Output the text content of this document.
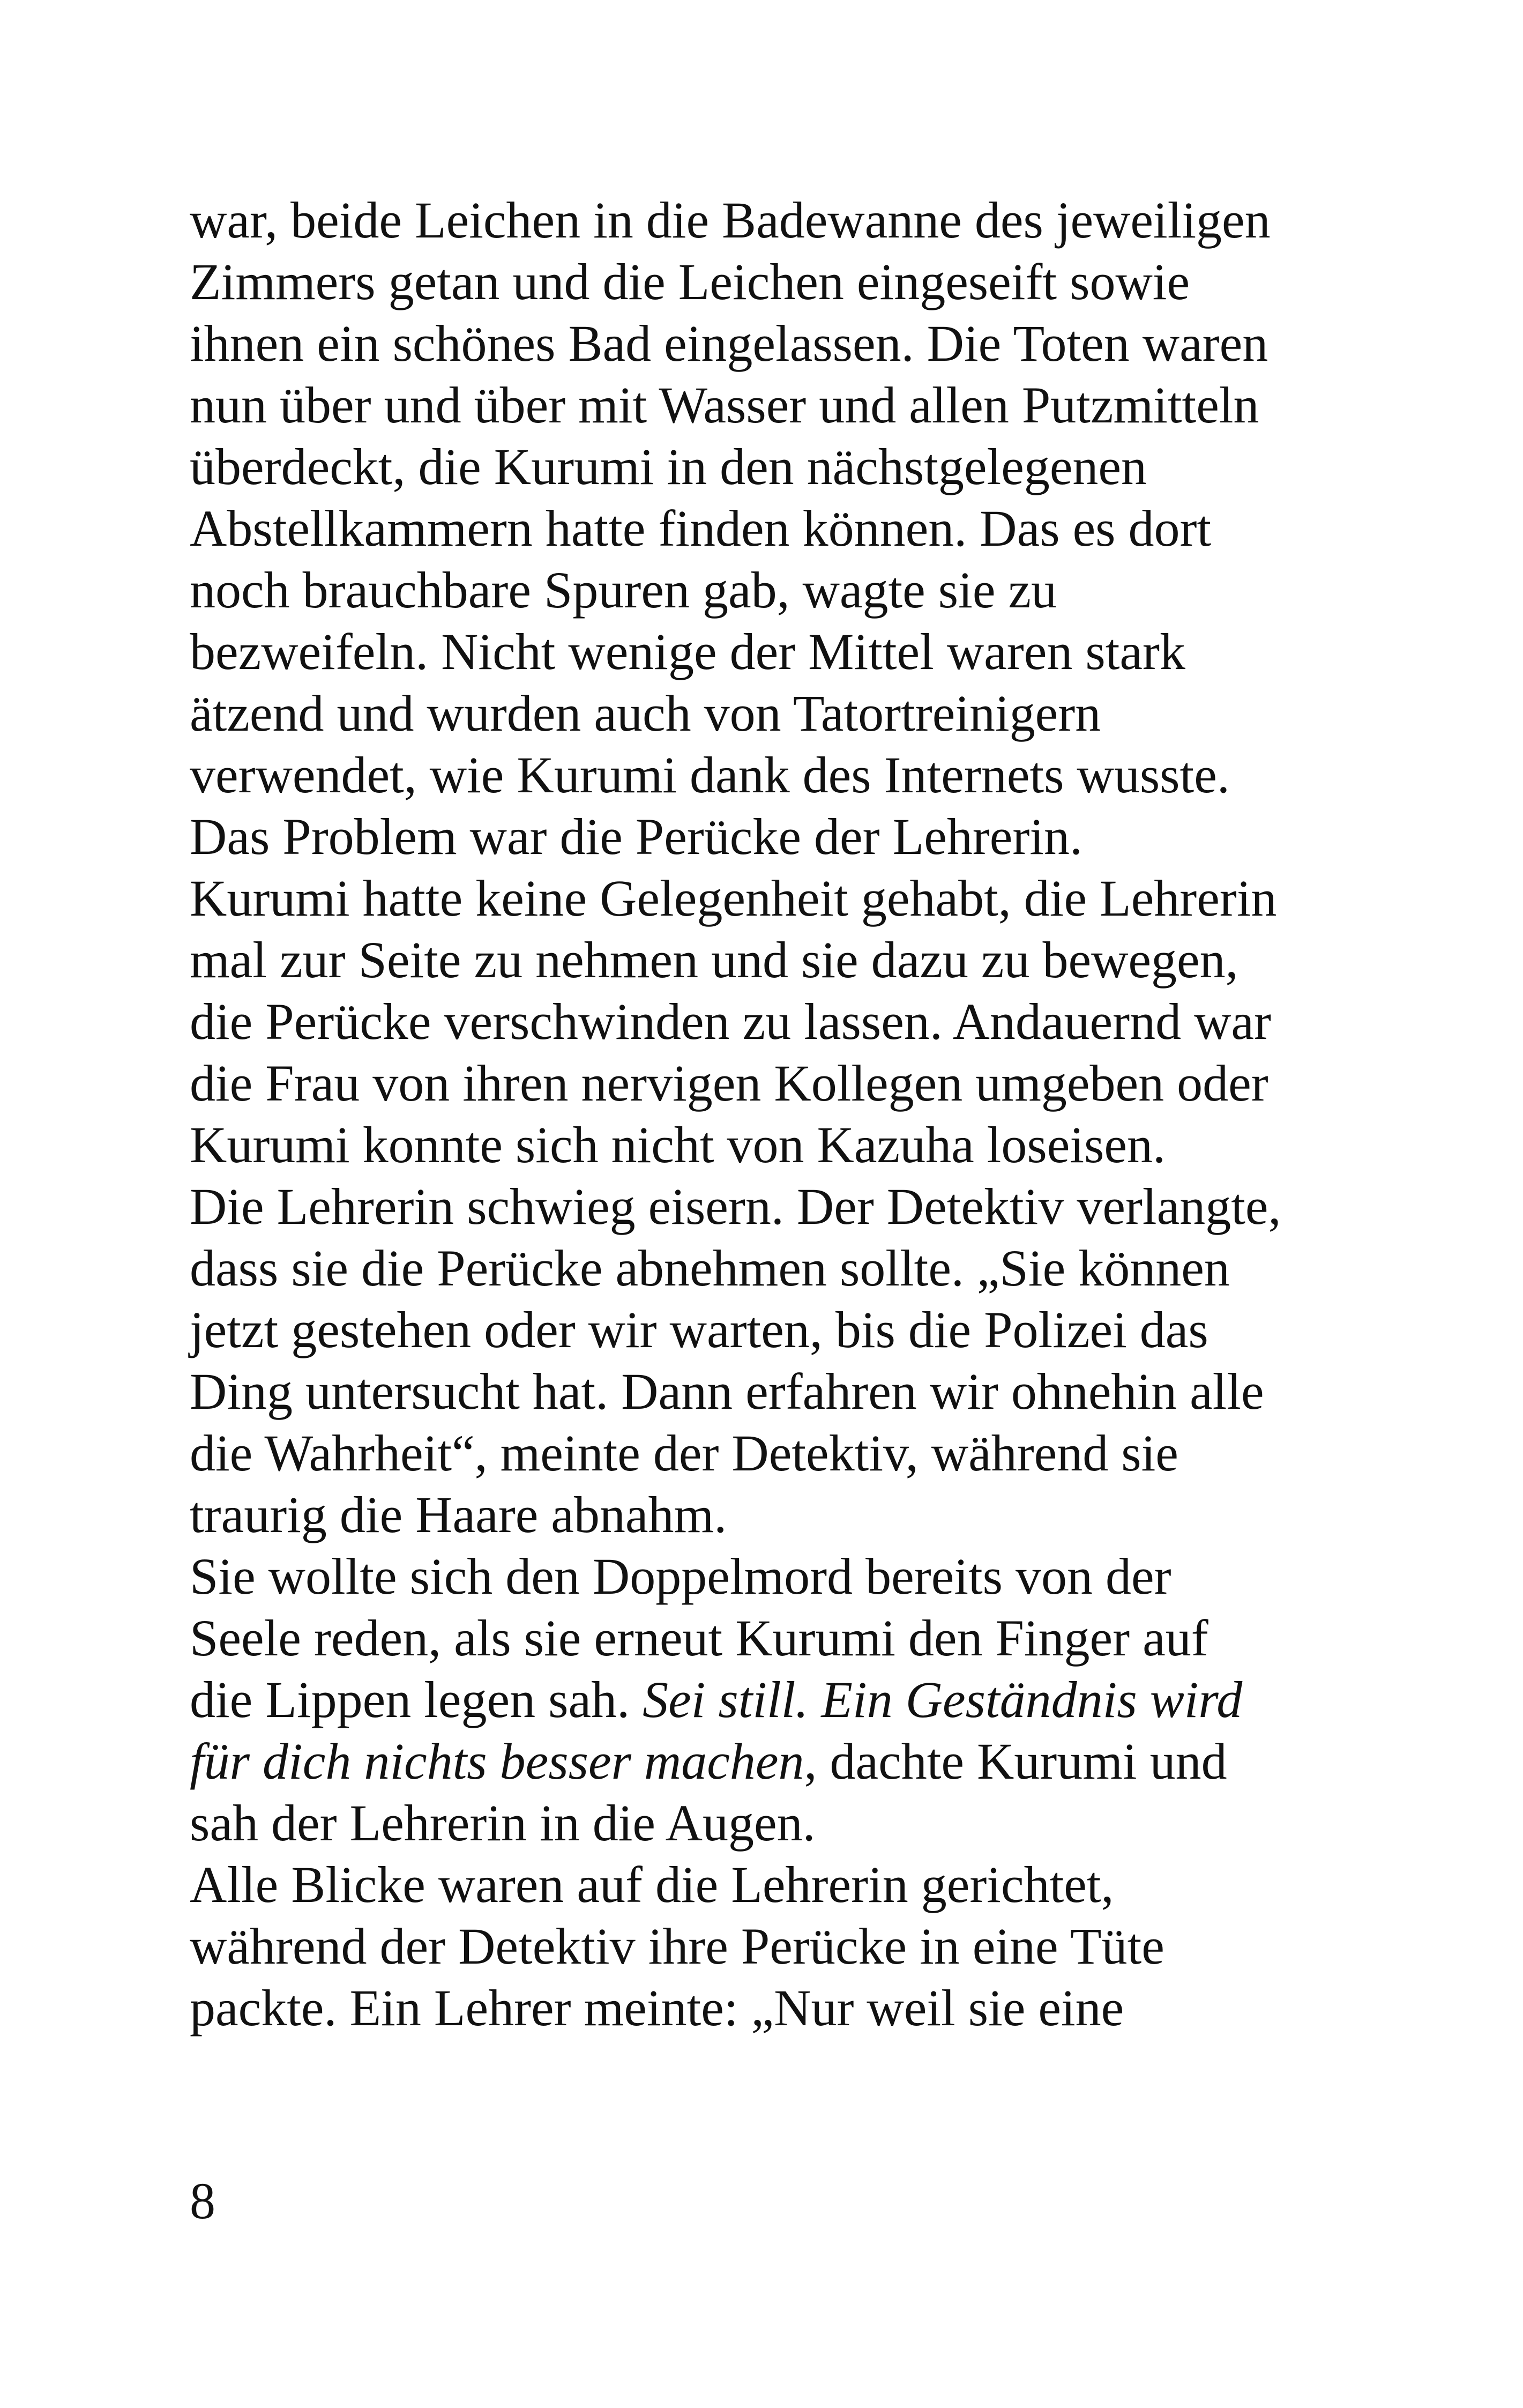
war, beide Leichen in die Badewanne des jeweiligen
Zimmers getan und die Leichen eingeseift sowie
ihnen ein schönes Bad eingelassen. Die Toten waren
nun über und über mit Wasser und allen Putzmitteln
überdeckt, die Kurumi in den nächstgelegenen
Abstellkammern hatte finden können. Das es dort
noch brauchbare Spuren gab, wagte sie zu
bezweifeln. Nicht wenige der Mittel waren stark
ätzend und wurden auch von Tatortreinigern
verwendet, wie Kurumi dank des Internets wusste.
Das Problem war die Perücke der Lehrerin.
Kurumi hatte keine Gelegenheit gehabt, die Lehrerin
mal zur Seite zu nehmen und sie dazu zu bewegen,
die Perücke verschwinden zu lassen. Andauernd war
die Frau von ihren nervigen Kollegen umgeben oder
Kurumi konnte sich nicht von Kazuha loseisen.
Die Lehrerin schwieg eisern. Der Detektiv verlangte,
dass sie die Perücke abnehmen sollte. „Sie können
jetzt gestehen oder wir warten, bis die Polizei das
Ding untersucht hat. Dann erfahren wir ohnehin alle
die Wahrheit“, meinte der Detektiv, während sie
traurig die Haare abnahm.
Sie wollte sich den Doppelmord bereits von der
Seele reden, als sie erneut Kurumi den Finger auf
die Lippen legen sah. Sei still. Ein Geständnis wird
für dich nichts besser machen, dachte Kurumi und
sah der Lehrerin in die Augen.
Alle Blicke waren auf die Lehrerin gerichtet,
während der Detektiv ihre Perücke in eine Tüte
packte. Ein Lehrer meinte: „Nur weil sie eine
8
